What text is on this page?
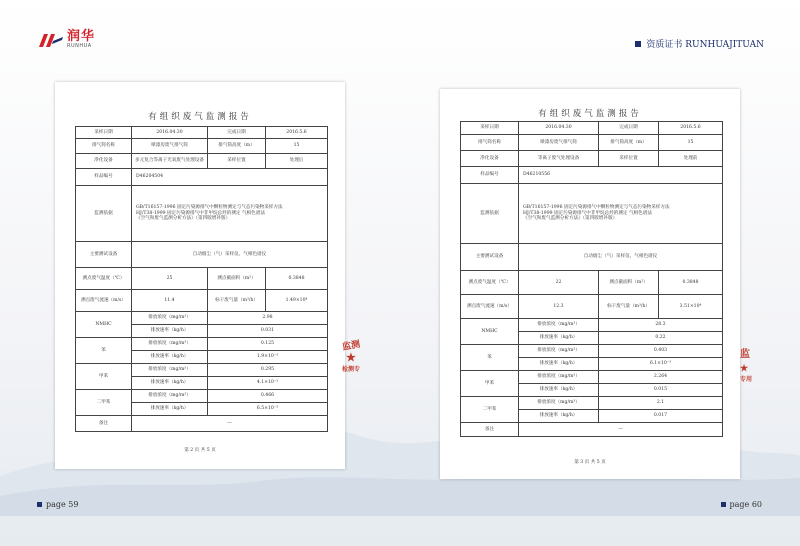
润华
RUNHUA	资质证书 RUNHUAJITUAN
有组织废气监测报告
采样日期	2016.04.30	完成日期	2016.5.6
排气筒名称	喷漆房废气排气筒	排气筒高度（m）	15
净化设备	多元复合等离子光氧废气处理设备	采样位置	处理后
样品编号	D46204504		
监测依据	GB/T16157-1996 固定污染源排气中颗粒物测定与气态污染物采样方法
HJ/T38-1999 固定污染源排气中非甲烷总烃的测定 气相色谱法
《空气和废气监测分析方法》（第四版增补版）		

主要测试设备	自动烟尘（气）采样仪、气相色谱仪		
测点废气温度（℃）	25	测点截面积（m²）	0.3848
测点废气流速（m/s）	11.4	标干废气量（m³/h）	1.49×10⁴
NMHC	排放浓度（mg/m³）	2.98	
	排放速率（kg/h）	0.031	
苯	排放浓度（mg/m³）	0.125	
	排放速率（kg/h）	1.9×10⁻³	
甲苯	排放浓度（mg/m³）	0.295	
	排放速率（kg/h）	4.1×10⁻³	
二甲苯	排放浓度（mg/m³）	0.466	
	排放速率（kg/h）	6.5×10⁻³	
备注	—		
第 2 页 共 5 页
监测
★
检测专
有组织废气监测报告
采样日期	2016.04.30	完成日期	2016.5.6
排气筒名称	喷漆房废气排气筒	排气筒高度（m）	15
净化设备	等离子废气处理设备	采样位置	处理前
样品编号	D46210556		
监测依据	GB/T16157-1996 固定污染源排气中颗粒物测定与气态污染物采样方法
HJ/T38-1999 固定污染源排气中非甲烷总烃的测定 气相色谱法
《空气和废气监测分析方法》（第四版增补版）		

主要测试设备	自动烟尘（气）采样仪、气相色谱仪		
测点废气温度（℃）	22	测点截面积（m²）	0.3848
测点废气流速（m/s）	12.3	标干废气量（m³/h）	3.51×10⁴
NMHC	排放浓度（mg/m³）	28.3	
	排放速率（kg/h）	0.22	
苯	排放浓度（mg/m³）	0.403	
	排放速率（kg/h）	6.1×10⁻³	
甲苯	排放浓度（mg/m³）	2.264	
	排放速率（kg/h）	0.015	
二甲苯	排放浓度（mg/m³）	2.1	
	排放速率（kg/h）	0.017	
备注	—		
第 3 页 共 5 页
监
★
专用
page 59	page 60
